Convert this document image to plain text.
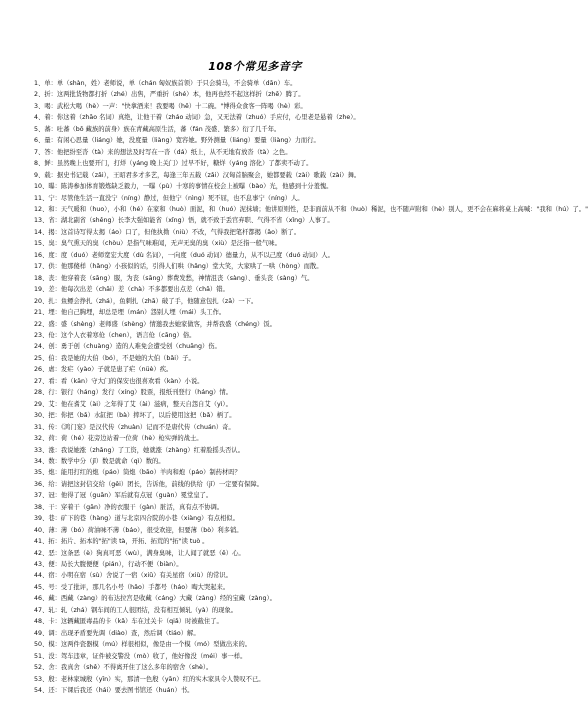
108个常见多音字
1、单：单（shàn，姓）老师说，单（chán 匈奴族首领）于只会骑马，不会骑单（dān）车。
2、折：这两批货物都打折（zhé）出售，严重折（shé）本，他再也经不起这样折（zhē）腾了。
3、喝：武松大喝（hè）一声："快拿酒来！我要喝（hē）十二碗。"博得众食客一阵喝（hè）彩。
4、着：你这着（zhāo 名词）真绝，让他干着（zháo 动词）急，又无法着（zhuó）手应付，心里老是悬着（zhe）。
5、蕃：吐蕃（bō 藏族的前身）族在青藏高原生活，蕃（fán 茂盛、繁多）衍了几千年。
6、量：有闲心思量（liáng）她，没度量（liàng）宽容她。野外测量（liáng）要量（liàng）力而行。
7、答：他把纷至沓（tà）来的想法及时写在一沓（dá）纸上，从不无地有放沓（tà）之色。
8、鲜：虽然晚上也要开门，打烊（yáng 晚上关门）过早不好，糖烊（yáng 溶化）了都卖不动了。
9、载：据史书记载（zǎi），王昭君多才多艺，每逢三年五载（zǎi）汉匈首脑聚会，她都要载（zài）歌载（zài）舞。
10、曝：陈涛参加体育锻炼缺乏毅力，一曝（pù）十寒的事情在校会上被曝（bào）光，他感到十分羞愧。
11、宁：尽管他生活一直没宁（níng）静过，但他宁（nìng）死不屈，也不息事宁（níng）人。
12、和：天气暖和（huo），小和（hé）在家和（huò）面泥，和（huó）泥抹墙；他讲原则性，是非面前从不和（huò）稀泥，也不随声附和（hè）别人，更不会在麻将桌上高喊："我和（hú）了。"
13、省：湖北副省（shěng）长李大强如能省（xǐng）悟，就不致于丢官弃职、气得不省（xǐng）人事了。
14、揭：这首诗写得太揭（áo）口了，但他执拗（niù）不改，气得我把笔杆都揭（ǎo）断了。
15、臭：臭气熏天的臭（chòu）是指气味难闻，无声无臭的臭（xiù）是泛指一般气味。
16、度：度（duó）老师宽宏大度（dù 名词），一向度（duó 动词）德量力，从不以己度（duó 动词）人。
17、供：他那傻样（hǎng）小孩似的话，引得人们哄（hǎng）堂大笑，大家哄了一哄（hòng）而散。
18、丧：他穿着丧（sāng）服，为丧（sāng）葬费发愁，神情沮丧（sàng）、垂头丧（sàng）气。
19、差：他每次出差（chāi）差（chà）不多都要出点差（chā）错。
20、扎：鱼鳔会挣扎（zhá），鱼刺扎（zhā）破了手，他随意包扎（zā）一下。
21、埋：他自己胸埋，却总是埋（mán）怨别人埋（mái）头工作。
22、盛：盛（shèng）老师盛（shèng）情邀我去她家做客，并帮我盛（chéng）饭。
23、伧：这个人衣着寒伧（chen），语言伧（cāng）俗。
24、创：勇于创（chuàng）造的人难免会遭受创（chuāng）伤。
25、伯：我是她的大伯（bó），不是她的大伯（bǎi）子。
26、虐：发疟（yào）子就是患了疟（nüè）疾。
27、看：看（kān）守大门的保安也很喜欢看（kàn）小说。
28、行：银行（háng）发行（xíng）股票，报纸刊登行（háng）情。
29、艾：他在耆艾（ài）之年得了艾（ài）滋病，整天自怨自艾（yì）。
30、把：你把（bǎ）水缸把（bà）摔坏了，以后使用这把（bǎ）柄了。
31、传：《鸿门宴》是汉代传（zhuàn）记而不是唐代传（chuán）奇。
32、荷：荷（hé）花旁边站着一位荷（hè）枪实弹的战士。
33、涨：我说她涨（zhǎng）了工资，她就涨（zhàng）红着脸摇头否认。
34、数：数学中分（jǐ）数是就命（qì）数的。
35、炮：能用打红的炮（páo）筒炮（bāo）羊肉和炮（páo）制药材吗？
36、给：请把这封信交给（gěi）团长，告诉他，前线的供给（jǐ）一定要有保障。
37、冠：他得了冠（guān）军后就有点冠（guàn）冕堂皇了。
38、干：穿着干（gān）净的衣服干（gàn）脏活，真有点不协调。
39、巷：矿下的巷（hàng）道与北京四合院的小巷（xiàng）有点相似。
40、薄：薄（bó）荷油味不薄（báo），很受欢迎，但要薄（bò）利多销。
41、拓：拓片、拓本的"拓"读 tà，开拓、拓荒的"拓"读 tuò 。
42、恶：这条恶（è）狗真可恶（wù），满身臭味，让人闻了就恶（ě）心。
43、便：局长大腹便便（pián），行动不便（biàn）。
44、宿：小明在宿（sù）舍说了一宿（xiǔ）有关星宿（xiù）的常识。
45、号：受了批评，那几名小号（hǎo）手都号（háo）啕大哭起来。
46、藏：西藏（zàng）的布达拉宫是收藏（cáng）大藏（zàng）经的宝藏（zàng）。
47、轧：轧（zhá）钢车间的工人很团结，没有相互倾轧（yà）的现象。
48、卡：这辆藏匿毒品的卡（kǎ）车在过关卡（qiǎ）时被截住了。
49、调：出现矛盾要先调（diào）查，然后调（tiáo）解。
50、模：这两件瓷器模（mú）样很相似，像是由一个模（mó）型做出来的。
51、没：驾车违章，证件被交警没（mò）收了，他好像没（méi）事一样。
52、舍：我真舍（shě）不得离开住了这么多年的宿舍（shè）。
53、殷：老林家城殷（yīn）实，那清一色殷（yān）红的实木家具令人赞叹不已。
54、还：下课后我还（hái）要去图书馆还（huán）书。
